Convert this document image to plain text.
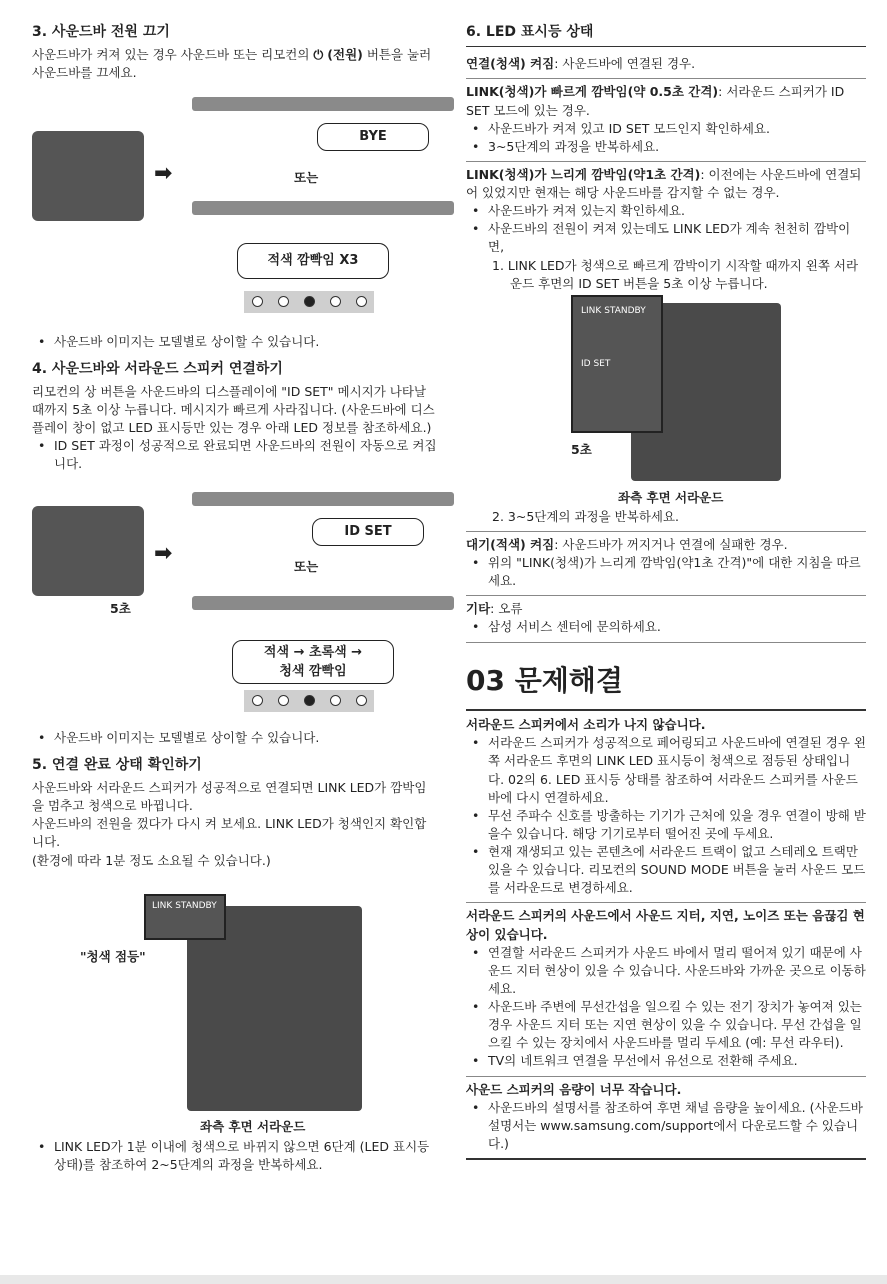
3. 사운드바 전원 끄기

사운드바가 켜져 있는 경우 사운드바 또는 리모컨의 ⏻ (전원) 버튼을 눌러 사운드바를 끄세요.

BYE
➡	또는
적색 깜빡임 X3
• 사운드바 이미지는 모델별로 상이할 수 있습니다.
4. 사운드바와 서라운드 스피커 연결하기

리모컨의 상 버튼을 사운드바의 디스플레이에 "ID SET" 메시지가 나타날 때까지 5초 이상 누릅니다. 메시지가 빠르게 사라집니다. (사운드바에 디스플레이 창이 없고 LED 표시등만 있는 경우 아래 LED 정보를 참조하세요.)

• ID SET 과정이 성공적으로 완료되면 사운드바의 전원이 자동으로 켜집니다.
ID SET
5초
➡
또는
적색 → 초록색 →
청색 깜빡임
• 사운드바 이미지는 모델별로 상이할 수 있습니다.
5. 연결 완료 상태 확인하기

사운드바와 서라운드 스피커가 성공적으로 연결되면 LINK LED가 깜박임을 멈추고 청색으로 바뀝니다.

사운드바의 전원을 껐다가 다시 켜 보세요. LINK LED가 청색인지 확인합니다.

(환경에 따라 1분 정도 소요될 수 있습니다.)

LINK STANDBY
"청색 점등"
좌측 후면 서라운드
• LINK LED가 1분 이내에 청색으로 바뀌지 않으면 6단계 (LED 표시등 상태)를 참조하여 2~5단계의 과정을 반복하세요.
6. LED 표시등 상태

연결(청색) 켜짐: 사운드바에 연결된 경우.

LINK(청색)가 빠르게 깜박임(약 0.5초 간격): 서라운드 스피커가 ID SET 모드에 있는 경우.

• 사운드바가 켜져 있고 ID SET 모드인지 확인하세요.
• 3~5단계의 과정을 반복하세요.

LINK(청색)가 느리게 깜박임(약1초 간격): 이전에는 사운드바에 연결되어 있었지만 현재는 해당 사운드바를 감지할 수 없는 경우.

• 사운드바가 켜져 있는지 확인하세요.
• 사운드바의 전원이 켜져 있는데도 LINK LED가 계속 천천히 깜박이면,

1. LINK LED가 청색으로 빠르게 깜박이기 시작할 때까지 왼쪽 서라운드 후면의 ID SET 버튼을 5초 이상 누릅니다.

LINK STANDBY
ID SET
5초
좌측 후면 서라운드

2. 3~5단계의 과정을 반복하세요.

대기(적색) 켜짐: 사운드바가 꺼지거나 연결에 실패한 경우.

• 위의 "LINK(청색)가 느리게 깜박임(약1초 간격)"에 대한 지침을 따르세요.

기타: 오류

• 삼성 서비스 센터에 문의하세요.
03 문제해결

서라운드 스피커에서 소리가 나지 않습니다.

• 서라운드 스피커가 성공적으로 페어링되고 사운드바에 연결된 경우 왼쪽 서라운드 후면의 LINK LED 표시등이 청색으로 점등된 상태입니다. 02의 6. LED 표시등 상태를 참조하여 서라운드 스피커를 사운드바에 다시 연결하세요.
• 무선 주파수 신호를 방출하는 기기가 근처에 있을 경우 연결이 방해 받을수 있습니다. 해당 기기로부터 떨어진 곳에 두세요.
• 현재 재생되고 있는 콘텐츠에 서라운드 트랙이 없고 스테레오 트랙만 있을 수 있습니다. 리모컨의 SOUND MODE 버튼을 눌러 사운드 모드를 서라운드로 변경하세요.

서라운드 스피커의 사운드에서 사운드 지터, 지연, 노이즈 또는 음끊김 현상이 있습니다.

• 연결할 서라운드 스피커가 사운드 바에서 멀리 떨어져 있기 때문에 사운드 지터 현상이 있을 수 있습니다. 사운드바와 가까운 곳으로 이동하세요.
• 사운드바 주변에 무선간섭을 일으킬 수 있는 전기 장치가 놓여져 있는 경우 사운드 지터 또는 지연 현상이 있을 수 있습니다. 무선 간섭을 일으킬 수 있는 장치에서 사운드바를 멀리 두세요 (예: 무선 라우터).
• TV의 네트워크 연결을 무선에서 유선으로 전환해 주세요.

사운드 스피커의 음량이 너무 작습니다.

• 사운드바의 설명서를 참조하여 후면 채널 음량을 높이세요. (사운드바 설명서는 www.samsung.com/support에서 다운로드할 수 있습니다.)
